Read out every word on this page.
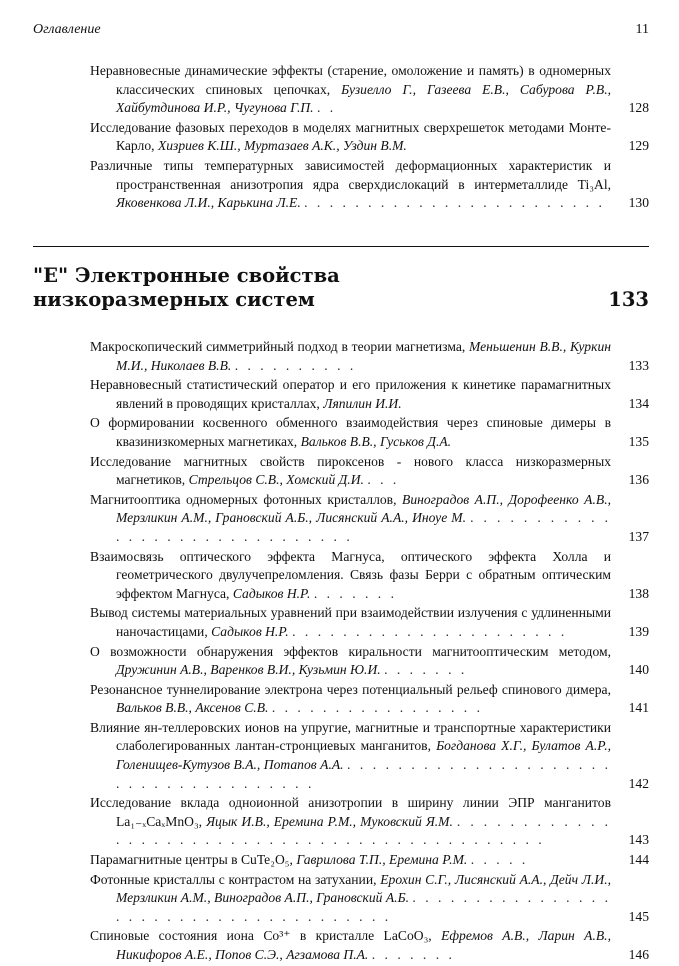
Оглавление	11
Неравновесные динамические эффекты (старение, омоложение и память) в одномерных классических спиновых цепочках, Бузиелло Г., Газеева Е.В., Сабурова Р.В., Хайбутдинова И.Р., Чугунова Г.П. . .	128
Исследование фазовых переходов в моделях магнитных сверхрешеток методами Монте-Карло, Хизриев К.Ш., Муртазаев А.К., Уздин В.М.	129
Различные типы температурных зависимостей деформационных характеристик и пространственная анизотропия ядра сверхдислокаций в интерметаллиде Ti₃Al, Яковенкова Л.И., Карькина Л.Е. . . . . . . . . . . . . . . . . . . . . . . . .	130
"E" Электронные свойства
низкоразмерных систем	133
Макроскопический симметрийный подход в теории магнетизма, Меньшенин В.В., Куркин М.И., Николаев В.В. . . . . . . . . . .	133
Неравновесный статистический оператор и его приложения к кинетике парамагнитных явлений в проводящих кристаллах, Ляпилин И.И.	134
О формировании косвенного обменного взаимодействия через спиновые димеры в квазинизкомерных магнетиках, Вальков В.В., Гуськов Д.А.	135
Исследование магнитных свойств пироксенов - нового класса низкоразмерных магнетиков, Стрельцов С.В., Хомский Д.И. . . .	136
Магнитооптика одномерных фотонных кристаллов, Виноградов А.П., Дорофеенко А.В., Мерзликин А.М., Грановский А.Б., Лисянский А.А., Иноуе М. . . . . . . . . . . . . . . . . . . . . . . . . . . . . . .	137
Взаимосвязь оптического эффекта Магнуса, оптического эффекта Холла и геометрического двулучепреломления. Связь фазы Берри с обратным оптическим эффектом Магнуса, Садыков Н.Р. . . . . . . .	138
Вывод системы материальных уравнений при взаимодействии излучения с удлиненными наночастицами, Садыков Н.Р. . . . . . . . . . . . . . . . . . . . . . .	139
О возможности обнаружения эффектов киральности магнитооптическим методом, Дружинин А.В., Варенков В.И., Кузьмин Ю.И. . . . . . . .	140
Резонансное туннелирование электрона через потенциальный рельеф спинового димера, Вальков В.В., Аксенов С.В. . . . . . . . . . . . . . . . . .	141
Влияние ян-теллеровских ионов на упругие, магнитные и транспортные характеристики слаболегированных лантан-стронциевых манганитов, Богданова Х.Г., Булатов А.Р., Голенищев-Кутузов В.А., Потапов А.А. . . . . . . . . . . . . . . . . . . . . . . . . . . . . . . . . . . . . .	142
Исследование вклада одноионной анизотропии в ширину линии ЭПР манганитов La₁₋ₓCaₓMnO₃, Яцык И.В., Еремина Р.М., Муковский Я.М. . . . . . . . . . . . . . . . . . . . . . . . . . . . . . . . . . . . . . . . . . . . . . .	143
Парамагнитные центры в CuTe₂O₅, Гаврилова Т.П., Еремина Р.М. . . . . .	144
Фотонные кристаллы с контрастом на затухании, Ерохин С.Г., Лисянский А.А., Дейч Л.И., Мерзликин А.М., Виноградов А.П., Грановский А.Б. . . . . . . . . . . . . . . . . . . . . . . . . . . . . . . . . . . . . . .	145
Спиновые состояния иона Co³⁺ в кристалле LaCoO₃, Ефремов А.В., Ларин А.В., Никифоров А.Е., Попов С.Э., Агзамова П.А. . . . . . . .	146
